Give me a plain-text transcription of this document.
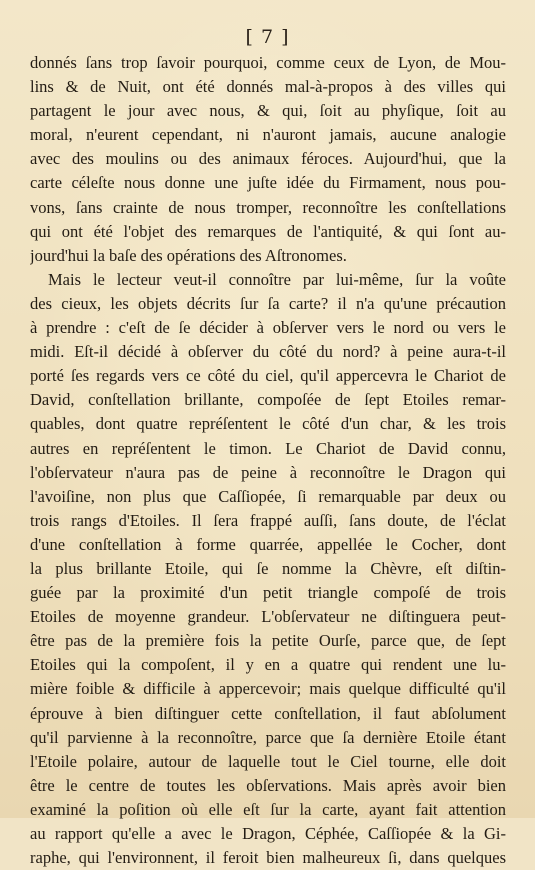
[ 7 ]
donnés ſans trop ſavoir pourquoi, comme ceux de Lyon, de Mou-
lins & de Nuit, ont été donnés mal-à-propos à des villes qui
partagent le jour avec nous, & qui, ſoit au phyſique, ſoit au
moral, n'eurent cependant, ni n'auront jamais, aucune analogie
avec des moulins ou des animaux féroces. Aujourd'hui, que la
carte céleſte nous donne une juſte idée du Firmament, nous pou-
vons, ſans crainte de nous tromper, reconnoître les conſtellations
qui ont été l'objet des remarques de l'antiquité, & qui ſont au-
jourd'hui la baſe des opérations des Aſtronomes.
Mais le lecteur veut-il connoître par lui-même, ſur la voûte
des cieux, les objets décrits ſur ſa carte? il n'a qu'une précaution
à prendre : c'eſt de ſe décider à obſerver vers le nord ou vers le
midi. Eſt-il décidé à obſerver du côté du nord? à peine aura-t-il
porté ſes regards vers ce côté du ciel, qu'il appercevra le Chariot de
David, conſtellation brillante, compoſée de ſept Etoiles remar-
quables, dont quatre repréſentent le côté d'un char, & les trois
autres en repréſentent le timon. Le Chariot de David connu,
l'obſervateur n'aura pas de peine à reconnoître le Dragon qui
l'avoiſine, non plus que Caſſiopée, ſi remarquable par deux ou
trois rangs d'Etoiles. Il ſera frappé auſſi, ſans doute, de l'éclat
d'une conſtellation à forme quarrée, appellée le Cocher, dont
la plus brillante Etoile, qui ſe nomme la Chèvre, eſt diſtin-
guée par la proximité d'un petit triangle compoſé de trois
Etoiles de moyenne grandeur. L'obſervateur ne diſtinguera peut-
être pas de la première fois la petite Ourſe, parce que, de ſept
Etoiles qui la compoſent, il y en a quatre qui rendent une lu-
mière foible & difficile à appercevoir; mais quelque difficulté qu'il
éprouve à bien diſtinguer cette conſtellation, il faut abſolument
qu'il parvienne à la reconnoître, parce que ſa dernière Etoile étant
l'Etoile polaire, autour de laquelle tout le Ciel tourne, elle doit
être le centre de toutes les obſervations. Mais après avoir bien
examiné la poſition où elle eſt ſur la carte, ayant fait attention
au rapport qu'elle a avec le Dragon, Céphée, Caſſiopée & la Gi-
raphe, qui l'environnent, il feroit bien malheureux ſi, dans quelques
